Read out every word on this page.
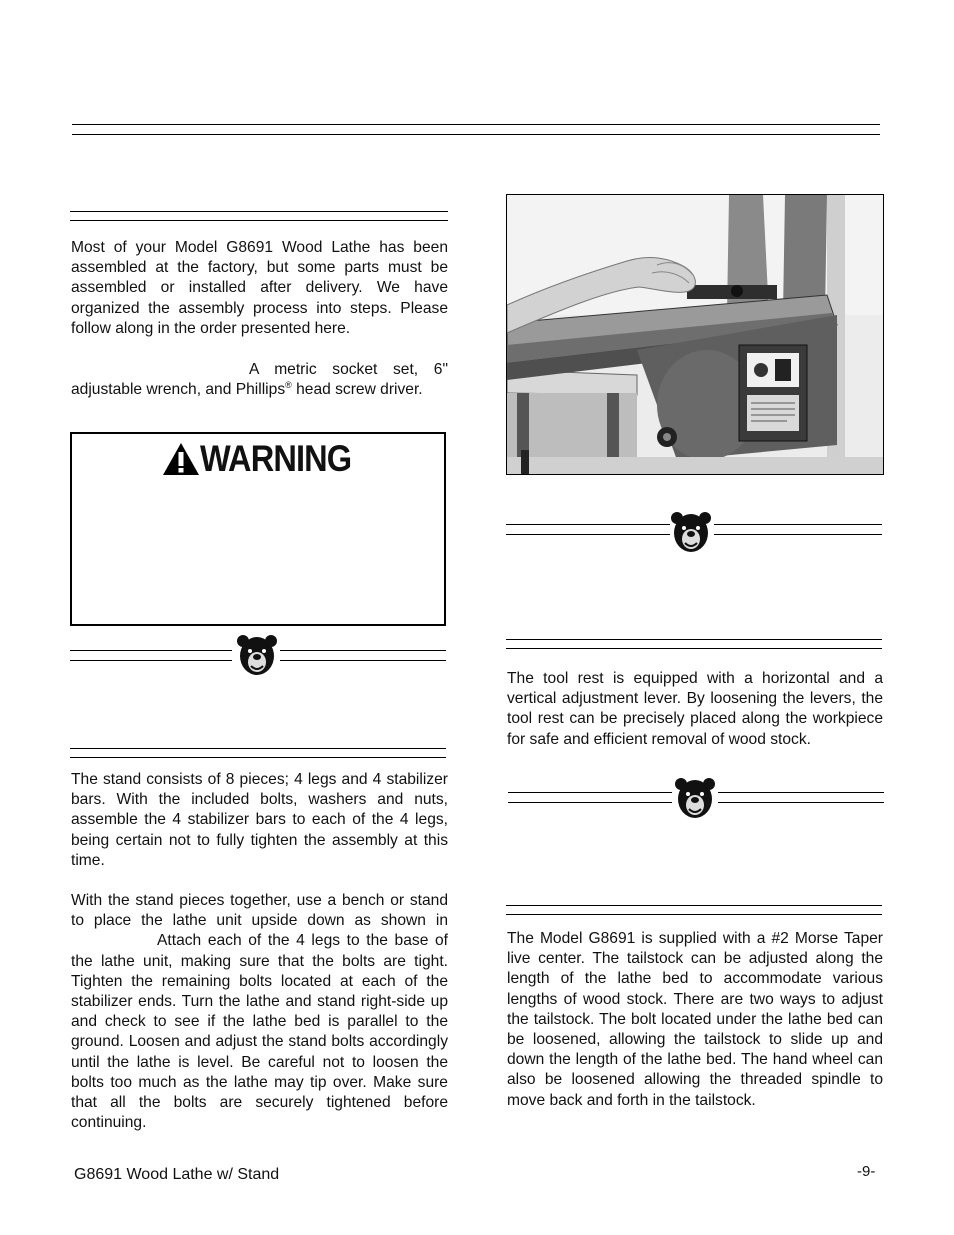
Most of your Model G8691 Wood Lathe has been assembled at the factory, but some parts must be assembled or installed after delivery. We have organized the assembly process into steps. Please follow along in the order presented here.

A metric socket set, 6" adjustable wrench, and Phillips® head screw driver.

WARNING

The stand consists of 8 pieces; 4 legs and 4 stabilizer bars. With the included bolts, washers and nuts, assemble the 4 stabilizer bars to each of the 4 legs, being certain not to fully tighten the assembly at this time.

With the stand pieces together, use a bench or stand to place the lathe unit upside down as shown inAttach each of the 4 legs to the base of the lathe unit, making sure that the bolts are tight. Tighten the remaining bolts located at each of the stabilizer ends. Turn the lathe and stand right-side up and check to see if the lathe bed is parallel to the ground. Loosen and adjust the stand bolts accordingly until the lathe is level. Be careful not to loosen the bolts too much as the lathe may tip over. Make sure that all the bolts are securely tightened before continuing.

The tool rest is equipped with a horizontal and a vertical adjustment lever. By loosening the levers, the tool rest can be precisely placed along the workpiece for safe and efficient removal of wood stock.

The Model G8691 is supplied with a #2 Morse Taper live center. The tailstock can be adjusted along the length of the lathe bed to accommodate various lengths of wood stock. There are two ways to adjust the tailstock. The bolt located under the lathe bed can be loosened, allowing the tailstock to slide up and down the length of the lathe bed. The hand wheel can also be loosened allowing the threaded spindle to move back and forth in the tailstock.

G8691 Wood Lathe w/ Stand	-9-
